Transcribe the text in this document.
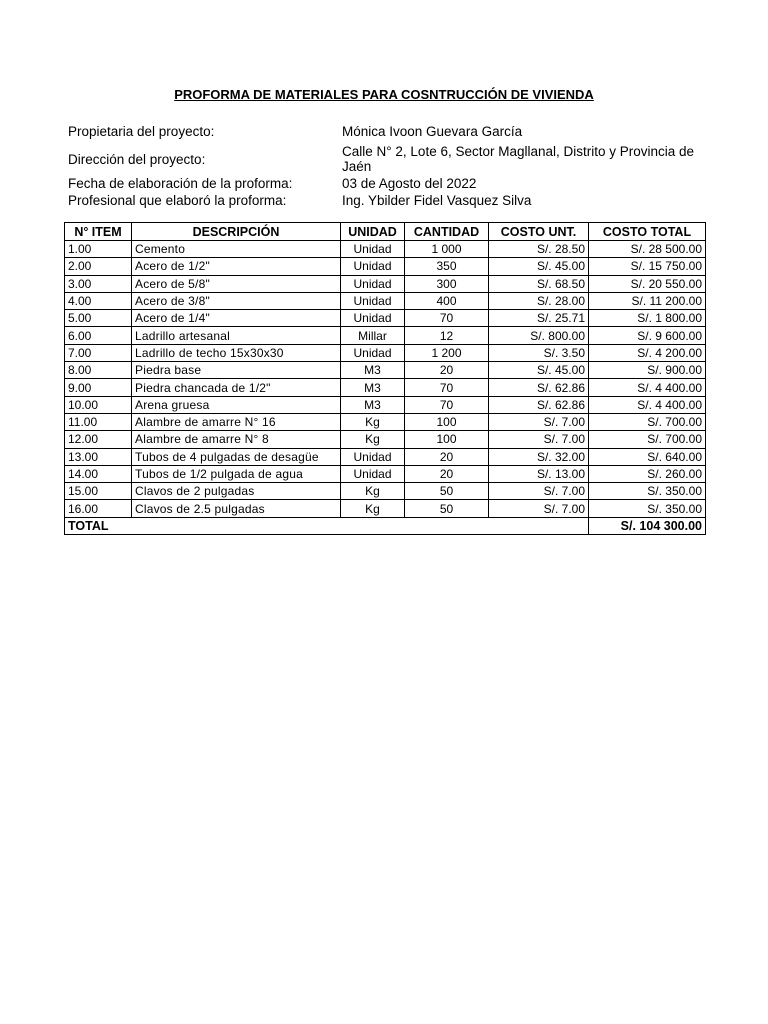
PROFORMA DE MATERIALES PARA COSNTRUCCIÓN DE VIVIENDA
Propietaria del proyecto:	Mónica Ivoon Guevara García
Dirección del proyecto:	Calle N° 2, Lote 6, Sector Magllanal, Distrito y Provincia de Jaén
Fecha de elaboración de la proforma:	03 de Agosto del 2022
Profesional que elaboró la proforma:	Ing. Ybilder Fidel Vasquez Silva
N° ITEM	DESCRIPCIÓN	UNIDAD	CANTIDAD	COSTO UNT.	COSTO TOTAL
1.00	Cemento	Unidad	1 000	S/. 28.50	S/. 28 500.00
2.00	Acero de 1/2"	Unidad	350	S/. 45.00	S/. 15 750.00
3.00	Acero de 5/8"	Unidad	300	S/. 68.50	S/. 20 550.00
4.00	Acero de 3/8"	Unidad	400	S/. 28.00	S/. 11 200.00
5.00	Acero de 1/4"	Unidad	70	S/. 25.71	S/. 1 800.00
6.00	Ladrillo artesanal	Millar	12	S/. 800.00	S/. 9 600.00
7.00	Ladrillo de techo 15x30x30	Unidad	1 200	S/. 3.50	S/. 4 200.00
8.00	Piedra base	M3	20	S/. 45.00	S/. 900.00
9.00	Piedra chancada de 1/2"	M3	70	S/. 62.86	S/. 4 400.00
10.00	Arena gruesa	M3	70	S/. 62.86	S/. 4 400.00
11.00	Alambre de amarre N° 16	Kg	100	S/. 7.00	S/. 700.00
12.00	Alambre de amarre N° 8	Kg	100	S/. 7.00	S/. 700.00
13.00	Tubos de 4 pulgadas de desagüe	Unidad	20	S/. 32.00	S/. 640.00
14.00	Tubos de 1/2 pulgada de agua	Unidad	20	S/. 13.00	S/. 260.00
15.00	Clavos de 2 pulgadas	Kg	50	S/. 7.00	S/. 350.00
16.00	Clavos de 2.5 pulgadas	Kg	50	S/. 7.00	S/. 350.00
TOTAL					S/. 104 300.00
